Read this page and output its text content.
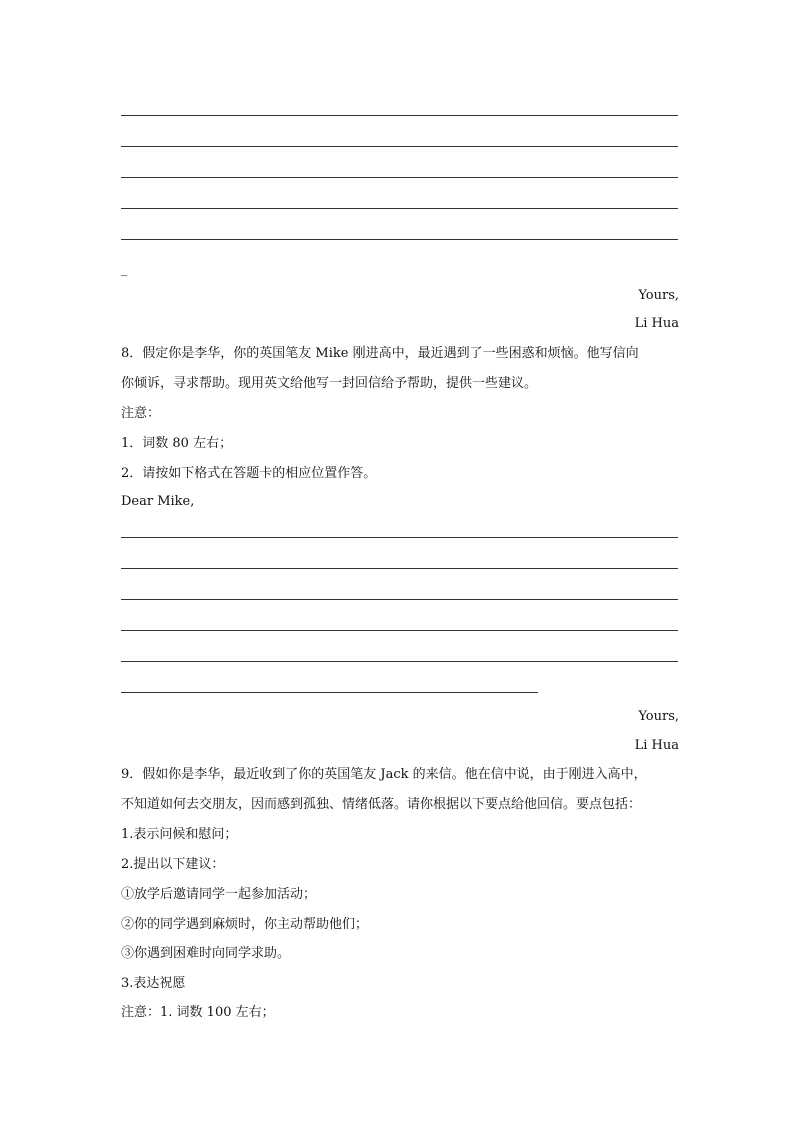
_
Yours,
Li Hua
8．假定你是李华，你的英国笔友 Mike 刚进高中，最近遇到了一些困惑和烦恼。他写信向
你倾诉，寻求帮助。现用英文给他写一封回信给予帮助，提供一些建议。
注意：
1．词数 80 左右；
2．请按如下格式在答题卡的相应位置作答。
Dear Mike,
Yours,
Li Hua
9．假如你是李华，最近收到了你的英国笔友 Jack 的来信。他在信中说，由于刚进入高中，
不知道如何去交朋友，因而感到孤独、情绪低落。请你根据以下要点给他回信。要点包括：
1.表示问候和慰问；
2.提出以下建议：
①放学后邀请同学一起参加活动；
②你的同学遇到麻烦时，你主动帮助他们；
③你遇到困难时向同学求助。
3.表达祝愿
注意：1. 词数 100 左右；
